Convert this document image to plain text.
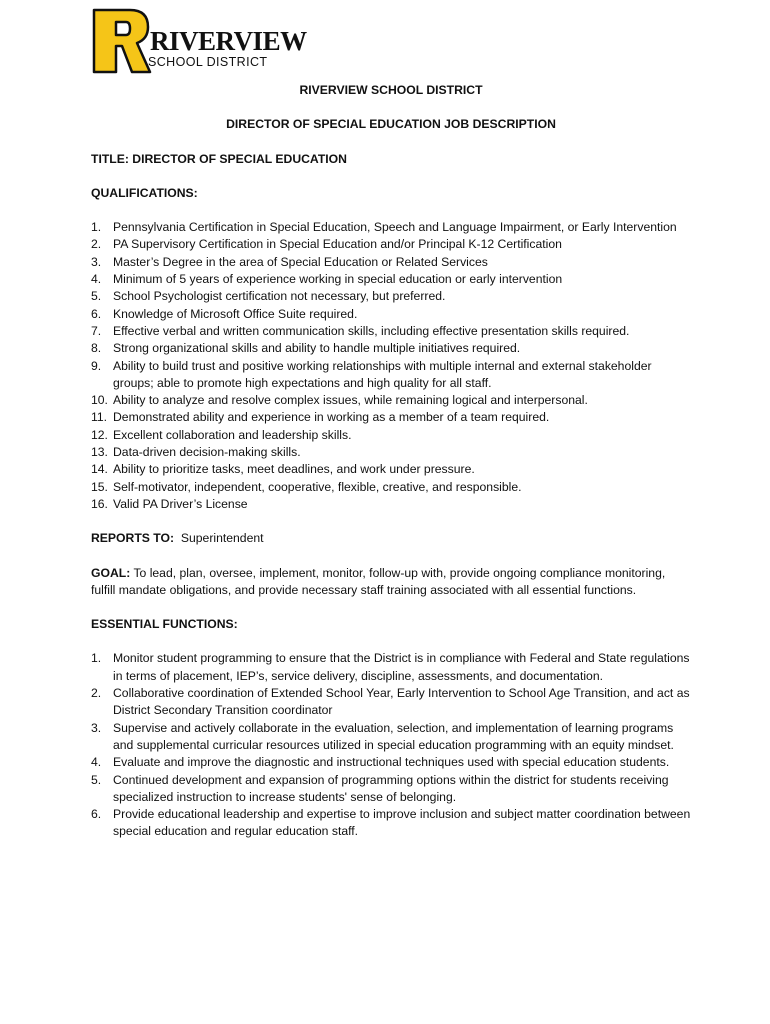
RIVERVIEW
SCHOOL DISTRICT

RIVERVIEW SCHOOL DISTRICT

DIRECTOR OF SPECIAL EDUCATION JOB DESCRIPTION

TITLE: DIRECTOR OF SPECIAL EDUCATION

QUALIFICATIONS:

1. Pennsylvania Certification in Special Education, Speech and Language Impairment, or Early Intervention
2. PA Supervisory Certification in Special Education and/or Principal K-12 Certification
3. Master’s Degree in the area of Special Education or Related Services
4. Minimum of 5 years of experience working in special education or early intervention
5. School Psychologist certification not necessary, but preferred.
6. Knowledge of Microsoft Office Suite required.
7. Effective verbal and written communication skills, including effective presentation skills required.
8. Strong organizational skills and ability to handle multiple initiatives required.
9. Ability to build trust and positive working relationships with multiple internal and external stakeholder groups; able to promote high expectations and high quality for all staff.
10. Ability to analyze and resolve complex issues, while remaining logical and interpersonal.
11. Demonstrated ability and experience in working as a member of a team required.
12. Excellent collaboration and leadership skills.
13. Data-driven decision-making skills.
14. Ability to prioritize tasks, meet deadlines, and work under pressure.
15. Self-motivator, independent, cooperative, flexible, creative, and responsible.
16. Valid PA Driver’s License

REPORTS TO: Superintendent

GOAL: To lead, plan, oversee, implement, monitor, follow-up with, provide ongoing compliance monitoring, fulfill mandate obligations, and provide necessary staff training associated with all essential functions.

ESSENTIAL FUNCTIONS:

1. Monitor student programming to ensure that the District is in compliance with Federal and State regulations in terms of placement, IEP’s, service delivery, discipline, assessments, and documentation.
2. Collaborative coordination of Extended School Year, Early Intervention to School Age Transition, and act as District Secondary Transition coordinator
3. Supervise and actively collaborate in the evaluation, selection, and implementation of learning programs and supplemental curricular resources utilized in special education programming with an equity mindset.
4. Evaluate and improve the diagnostic and instructional techniques used with special education students.
5. Continued development and expansion of programming options within the district for students receiving specialized instruction to increase students' sense of belonging.
6. Provide educational leadership and expertise to improve inclusion and subject matter coordination between special education and regular education staff.
